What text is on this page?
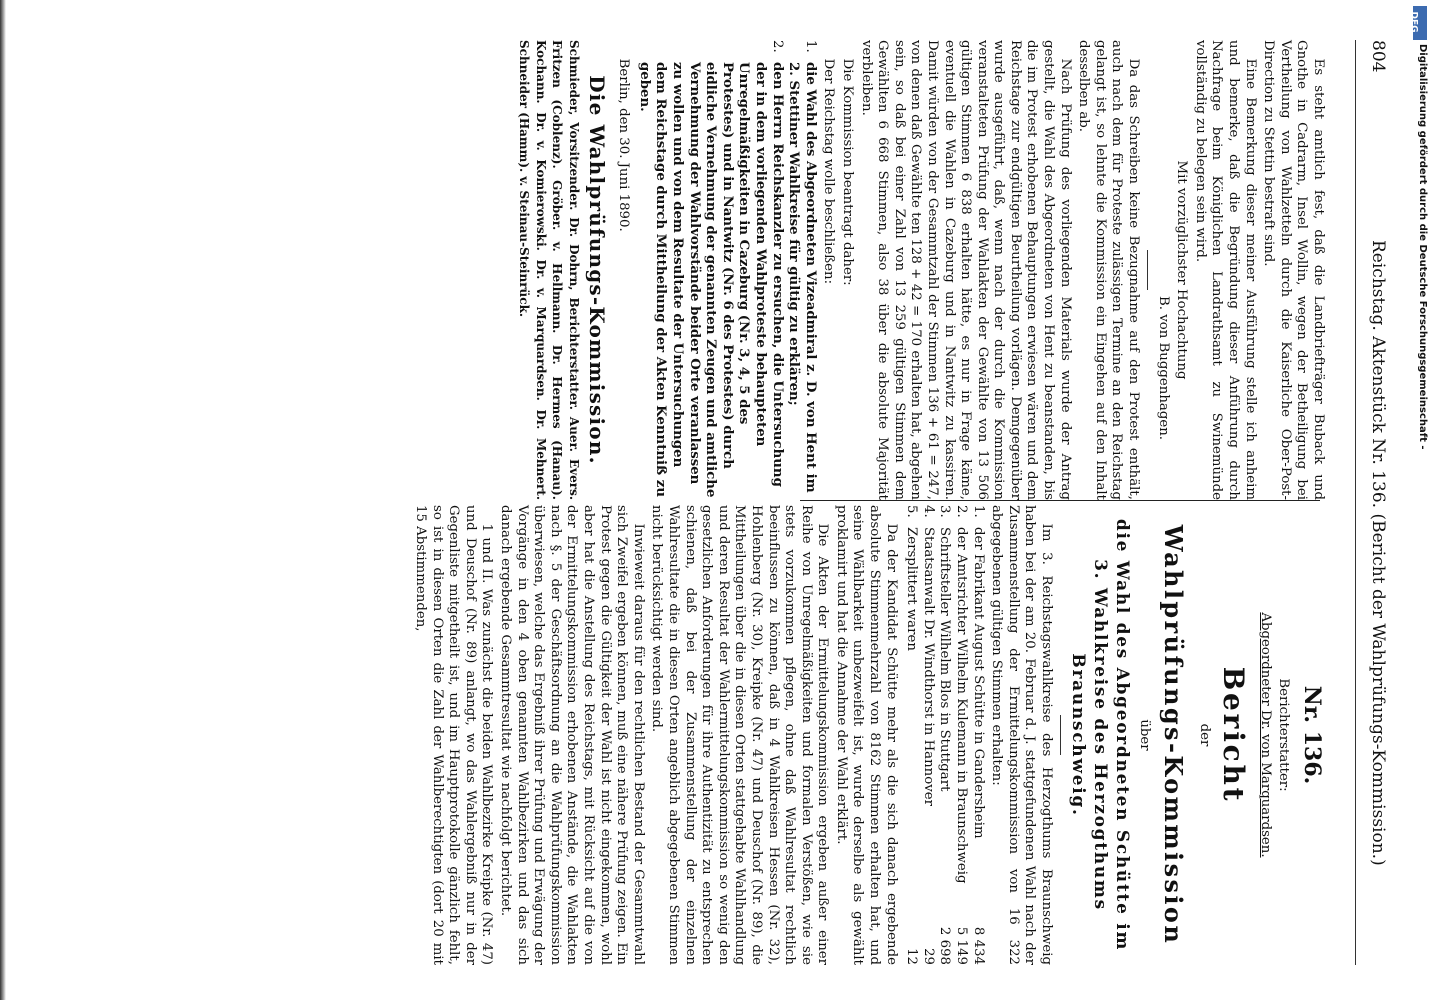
804
Reichstag. Aktenstück Nr. 136. (Bericht der Wahlprüfungs-Kommission.)

Es steht amtlich fest, daß die Landbriefträger Buback und Gnothe in Cadrarm, Insel Wollin, wegen der Betheiligung bei Vertheilung von Wahlzetteln durch die Kaiserliche Ober-Post-Direction zu Stettin bestraft sind.

Eine Bemerkung dieser meiner Ausführung stelle ich anheim und bemerke, daß die Begründung dieser Anführung durch Nachfrage beim Königlichen Landrathsamt zu Swinemünde vollständig zu belegen sein wird.

Mit vorzüglichster Hochachtung

B. von Buggenhagen.

Da das Schreiben keine Bezugnahme auf den Protest enthält, auch nach dem für Proteste zulässigen Termine an den Reichstag gelangt ist, so lehnte die Kommission ein Eingehen auf den Inhalt desselben ab.

Nach Prüfung des vorliegenden Materials wurde der Antrag gestellt, die Wahl des Abgeordneten von Hent zu beanstanden, bis die im Protest erhobenen Behauptungen erwiesen wären und dem Reichstage zur endgültigen Beurtheilung vorlägen. Demgegenüber wurde ausgeführt, daß, wenn nach der durch die Kommission veranstalteten Prüfung der Wahlakten der Gewählte von 13 506 gültigen Stimmen 6 838 erhalten hätte, es nur in Frage käme, eventuell die Wahlen in Cazeburg und in Nantwitz zu kassiren. Damit würden von der Gesammtzahl der Stimmen 136 + 61 = 247, von denen daß Gewählte ten 128 + 42 = 170 erhalten hat, abgehen sein, so daß bei einer Zahl von 13 259 gültigen Stimmen dem Gewählten 6 668 Stimmen, also 38 über die absolute Majorität verbleiben.

Die Kommission beantragt daher:

Der Reichstag wolle beschließen:

1.
die Wahl des Abgeordneten Vizeadmiral z. D. von Hent im 2. Stettiner Wahlkreise für gültig zu erklären;
2.
den Herrn Reichskanzler zu ersuchen, die Untersuchung der in dem vorliegenden Wahlproteste behaupteten Unregelmäßigkeiten in Cazeburg (Nr. 3, 4, 5 des Protestes) und in Nantwitz (Nr. 6 des Protestes) durch eidliche Vernehmung der genannten Zeugen und amtliche Vernehmung der Wahlvorstände beider Orte veranlassen zu wollen und von dem Resultate der Untersuchungen dem Reichstage durch Mittheilung der Akten Kenntniß zu geben.

Berlin, den 30. Juni 1890.

Die Wahlprüfungs-Kommission.

Schmieder, Vorsitzender. Dr. Dohrn, Berichterstatter. Auer. Evers. Fritzen (Coblenz). Gröber. v. Hellmann. Dr. Hermes (Hanau). Kochann. Dr. v. Komierowski. Dr. v. Marquardsen. Dr. Mehnert. Schneider (Hamm). v. Steinau-Steinrück.

Nr. 136.

Berichterstatter:

Abgeordneter Dr. von Marquardsen.

Bericht

der

Wahlprüfungs-Kommission

über

die Wahl des Abgeordneten Schütte im 3. Wahlkreise des Herzogthums Braunschweig.

Im 3. Reichstagswahlkreise des Herzogthums Braunschweig haben bei der am 20. Februar d. J. stattgefundenen Wahl nach der Zusammenstellung der Ermittelungskommission von 16 322 abgegebenen gültigen Stimmen erhalten:

1.
der Fabrikant August Schütte in Gandersheim
8 434
2.
der Amtsrichter Wilhelm Kulemann in Braunschweig
5 149
3.
Schriftsteller Wilhelm Blos in Stuttgart
2 698
4.
Staatsanwalt Dr. Windthorst in Hannover
29
5.
Zersplittert waren
12

Da der Kandidat Schütte mehr als die sich danach ergebende absolute Stimmenmehrzahl von 8162 Stimmen erhalten hat, und seine Wählbarkeit unbezweifelt ist, wurde derselbe als gewählt proklamirt und hat die Annahme der Wahl erklärt.

Die Akten der Ermittelungskommission ergeben außer einer Reihe von Unregelmäßigkeiten und formalen Verstößen, wie sie stets vorzukommen pflegen, ohne daß Wahlresultat rechtlich beeinflussen zu können, daß in 4 Wahlkreisen Hessen (Nr. 32), Hohlenberg (Nr. 30), Kreipke (Nr. 47) und Deuschof (Nr. 89), die Mittheilungen über die in diesen Orten stattgehabte Wahlhandlung und deren Resultat der Wahlermittelungskommission so wenig den gesetzlichen Anforderungen für ihre Authentizität zu entsprechen schienen, daß bei der Zusammenstellung der einzelnen Wahlresultate die in diesen Orten angeblich abgegebenen Stimmen nicht berücksichtigt werden sind.

Inwieweit daraus für den rechtlichen Bestand der Gesammtwahl sich Zweifel ergeben können, muß eine nähere Prüfung zeigen. Ein Protest gegen die Gültigkeit der Wahl ist nicht eingekommen, wohl aber hat die Anstellung des Reichstags, mit Rücksicht auf die von der Ermittelungskommission erhobenen Anstände, die Wahlakten nach §. 5 der Geschäftsordnung an die Wahlprüfungskommission überwiesen, welche das Ergebniß ihrer Prüfung und Erwägung der Vorgänge in den 4 oben genannten Wahlbezirken und das sich danach ergebende Gesammtresultat wie nachfolgt berichtet.

1 und II. Was zunächst die beiden Wahlbezirke Kreipke (Nr. 47) und Deuschof (Nr. 89) anlangt, wo das Wahlergebniß nur in der Gegenliste mitgetheilt ist, und im Hauptprotokolle gänzlich fehlt, so ist in diesen Orten die Zahl der Wahlberechtigten (dort 20 mit 15 Abstimmenden,

DFG
Digitalisierung gefördert durch die Deutsche Forschungsgemeinschaft -
